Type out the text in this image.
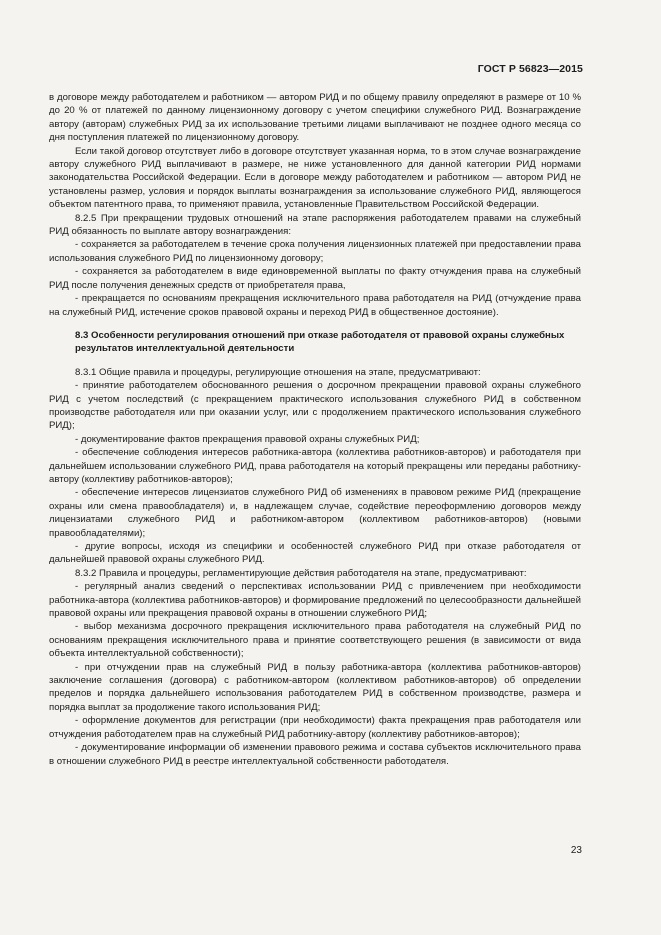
ГОСТ Р 56823—2015

в договоре между работодателем и работником — автором РИД и по общему правилу определяют в размере от 10 % до 20 % от платежей по данному лицензионному договору с учетом специфики служебного РИД. Вознаграждение автору (авторам) служебных РИД за их использование третьими лицами выплачивают не позднее одного месяца со дня поступления платежей по лицензионному договору.

Если такой договор отсутствует либо в договоре отсутствует указанная норма, то в этом случае вознаграждение автору служебного РИД выплачивают в размере, не ниже установленного для данной категории РИД нормами законодательства Российской Федерации. Если в договоре между работодателем и работником — автором РИД не установлены размер, условия и порядок выплаты вознаграждения за использование служебного РИД, являющегося объектом патентного права, то применяют правила, установленные Правительством Российской Федерации.

8.2.5 При прекращении трудовых отношений на этапе распоряжения работодателем правами на служебный РИД обязанность по выплате автору вознаграждения:

- сохраняется за работодателем в течение срока получения лицензионных платежей при предоставлении права использования служебного РИД по лицензионному договору;

- сохраняется за работодателем в виде единовременной выплаты по факту отчуждения права на служебный РИД после получения денежных средств от приобретателя права,

- прекращается по основаниям прекращения исключительного права работодателя на РИД (отчуждение права на служебный РИД, истечение сроков правовой охраны и переход РИД в общественное достояние).

8.3 Особенности регулирования отношений при отказе работодателя от правовой охраны служебных результатов интеллектуальной деятельности

8.3.1 Общие правила и процедуры, регулирующие отношения на этапе, предусматривают:

- принятие работодателем обоснованного решения о досрочном прекращении правовой охраны служебного РИД с учетом последствий (с прекращением практического использования служебного РИД в собственном производстве работодателя или при оказании услуг, или с продолжением практического использования служебного РИД);

- документирование фактов прекращения правовой охраны служебных РИД;

- обеспечение соблюдения интересов работника-автора (коллектива работников-авторов) и работодателя при дальнейшем использовании служебного РИД, права работодателя на который прекращены или переданы работнику-автору (коллективу работников-авторов);

- обеспечение интересов лицензиатов служебного РИД об изменениях в правовом режиме РИД (прекращение охраны или смена правообладателя) и, в надлежащем случае, содействие переоформлению договоров между лицензиатами служебного РИД и работником-автором (коллективом работников-авторов) (новыми правообладателями);

- другие вопросы, исходя из специфики и особенностей служебного РИД при отказе работодателя от дальнейшей правовой охраны служебного РИД.

8.3.2 Правила и процедуры, регламентирующие действия работодателя на этапе, предусматривают:

- регулярный анализ сведений о перспективах использовании РИД с привлечением при необходимости работника-автора (коллектива работников-авторов) и формирование предложений по целесообразности дальнейшей правовой охраны или прекращения правовой охраны в отношении служебного РИД;

- выбор механизма досрочного прекращения исключительного права работодателя на служебный РИД по основаниям прекращения исключительного права и принятие соответствующего решения (в зависимости от вида объекта интеллектуальной собственности);

- при отчуждении прав на служебный РИД в пользу работника-автора (коллектива работников-авторов) заключение соглашения (договора) с работником-автором (коллективом работников-авторов) об определении пределов и порядка дальнейшего использования работодателем РИД в собственном производстве, размера и порядка выплат за продолжение такого использования РИД;

- оформление документов для регистрации (при необходимости) факта прекращения прав работодателя или отчуждения работодателем прав на служебный РИД работнику-автору (коллективу работников-авторов);

- документирование информации об изменении правового режима и состава субъектов исключительного права в отношении служебного РИД в реестре интеллектуальной собственности работодателя.

23
